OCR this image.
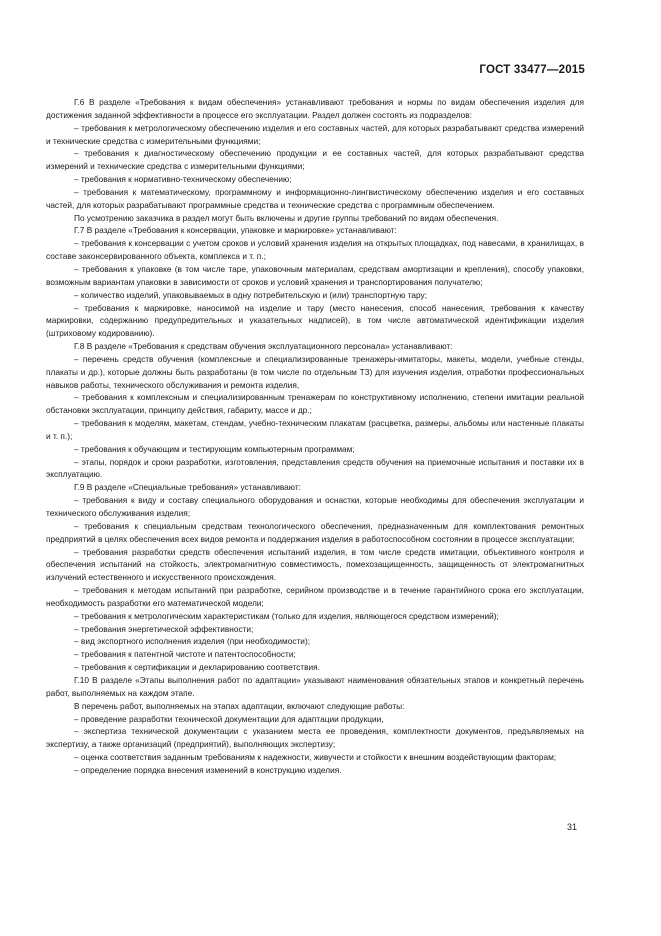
ГОСТ 33477—2015

Г.6 В разделе «Требования к видам обеспечения» устанавливают требования и нормы по видам обеспечения изделия для достижения заданной эффективности в процессе его эксплуатации. Раздел должен состоять из подразделов:

– требования к метрологическому обеспечению изделия и его составных частей, для которых разрабатывают средства измерений и технические средства с измерительными функциями;

– требования к диагностическому обеспечению продукции и ее составных частей, для которых разрабатывают средства измерений и технические средства с измерительными функциями;

– требования к нормативно-техническому обеспечению;

– требования к математическому, программному и информационно-лингвистическому обеспечению изделия и его составных частей, для которых разрабатывают программные средства и технические средства с программным обеспечением.

По усмотрению заказчика в раздел могут быть включены и другие группы требований по видам обеспечения.

Г.7 В разделе «Требования к консервации, упаковке и маркировке» устанавливают:

– требования к консервации с учетом сроков и условий хранения изделия на открытых площадках, под навесами, в хранилищах, в составе законсервированного объекта, комплекса и т. п.;

– требования к упаковке (в том числе таре, упаковочным материалам, средствам амортизации и крепления), способу упаковки, возможным вариантам упаковки в зависимости от сроков и условий хранения и транспортирования получателю;

– количество изделий, упаковываемых в одну потребительскую и (или) транспортную тару;

– требования к маркировке, наносимой на изделие и тару (место нанесения, способ нанесения, требования к качеству маркировки, содержанию предупредительных и указательных надписей), в том числе автоматической идентификации изделия (штриховому кодированию).

Г.8 В разделе «Требования к средствам обучения эксплуатационного персонала» устанавливают:

– перечень средств обучения (комплексные и специализированные тренажеры-имитаторы, макеты, модели, учебные стенды, плакаты и др.), которые должны быть разработаны (в том числе по отдельным ТЗ) для изучения изделия, отработки профессиональных навыков работы, технического обслуживания и ремонта изделия,

– требования к комплексным и специализированным тренажерам по конструктивному исполнению, степени имитации реальной обстановки эксплуатации, принципу действия, габариту, массе и др.;

– требования к моделям, макетам, стендам, учебно-техническим плакатам (расцветка, размеры, альбомы или настенные плакаты и т. п.);

– требования к обучающим и тестирующим компьютерным программам;

– этапы, порядок и сроки разработки, изготовления, представления средств обучения на приемочные испытания и поставки их в эксплуатацию.

Г.9 В разделе «Специальные требования» устанавливают:

– требования к виду и составу специального оборудования и оснастки, которые необходимы для обеспечения эксплуатации и технического обслуживания изделия;

– требования к специальным средствам технологического обеспечения, предназначенным для комплектования ремонтных предприятий в целях обеспечения всех видов ремонта и поддержания изделия в работоспособном состоянии в процессе эксплуатации;

– требования разработки средств обеспечения испытаний изделия, в том числе средств имитации, объективного контроля и обеспечения испытаний на стойкость, электромагнитную совместимость, помехозащищенность, защищенность от электромагнитных излучений естественного и искусственного происхождения.

– требования к методам испытаний при разработке, серийном производстве и в течение гарантийного срока его эксплуатации, необходимость разработки его математической модели;

– требования к метрологическим характеристикам (только для изделия, являющегося средством измерений);

– требования энергетической эффективности;

– вид экспортного исполнения изделия (при необходимости);

– требования к патентной чистоте и патентоспособности;

– требования к сертификации и декларированию соответствия.

Г.10 В разделе «Этапы выполнения работ по адаптации» указывают наименования обязательных этапов и конкретный перечень работ, выполняемых на каждом этапе.

В перечень работ, выполняемых на этапах адаптации, включают следующие работы:

– проведение разработки технической документации для адаптации продукции,

– экспертиза технической документации с указанием места ее проведения, комплектности документов, предъявляемых на экспертизу, а также организаций (предприятий), выполняющих экспертизу;

– оценка соответствия заданным требованиям к надежности, живучести и стойкости к внешним воздействующим факторам;

– определение порядка внесения изменений в конструкцию изделия.

31
